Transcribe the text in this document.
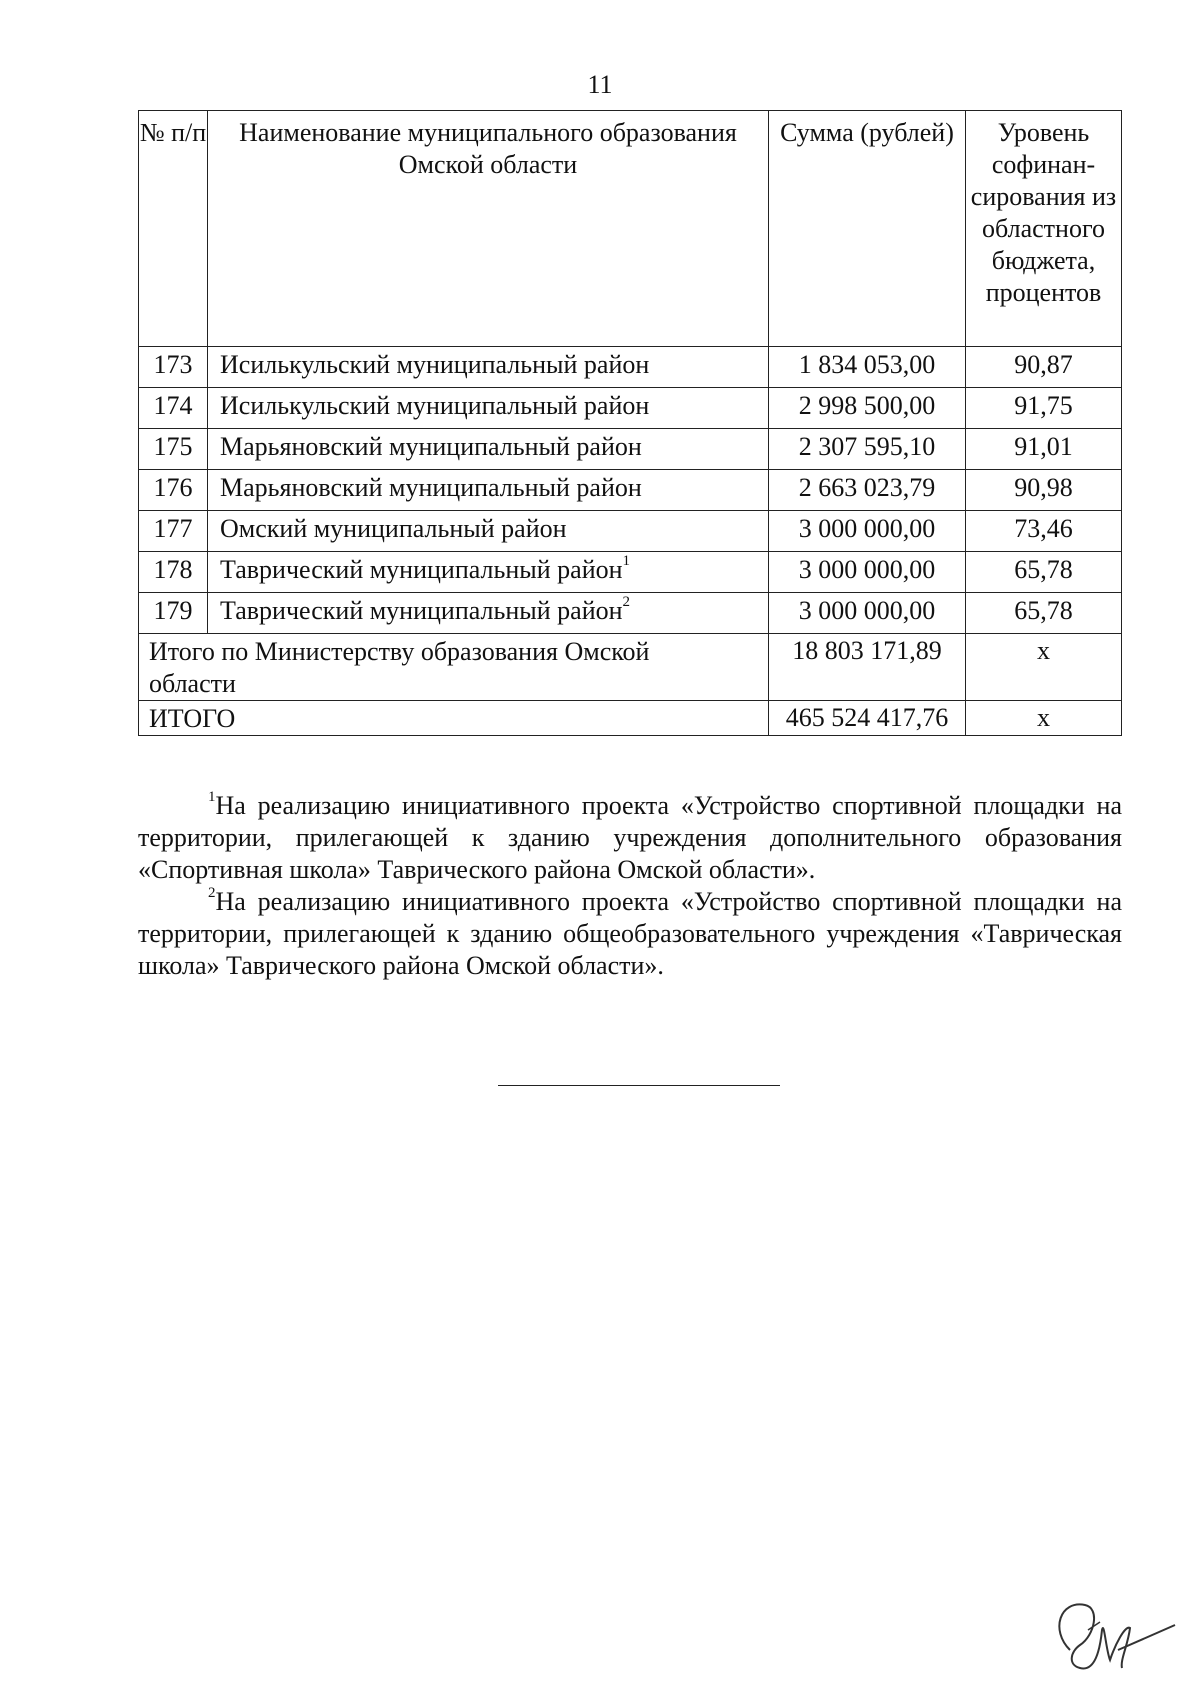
11
№ п/п	Наименование муниципального образования Омской области	Сумма (рублей)	Уровень софинан-сирования из областного бюджета, процентов
173	Исилькульский муниципальный район	1 834 053,00	90,87
174	Исилькульский муниципальный район	2 998 500,00	91,75
175	Марьяновский муниципальный район	2 307 595,10	91,01
176	Марьяновский муниципальный район	2 663 023,79	90,98
177	Омский муниципальный район	3 000 000,00	73,46
178	Таврический муниципальный район$^1$	3 000 000,00	65,78
179	Таврический муниципальный район$^2$	3 000 000,00	65,78
Итого по Министерству образования Омской области		18 803 171,89	х
ИТОГО		465 524 417,76	х

$^1$На реализацию инициативного проекта «Устройство спортивной площадки на территории, прилегающей к зданию учреждения дополнительного образования «Спортивная школа» Таврического района Омской области».

$^2$На реализацию инициативного проекта «Устройство спортивной площадки на территории, прилегающей к зданию общеобразовательного учреждения «Таврическая школа» Таврического района Омской области».
